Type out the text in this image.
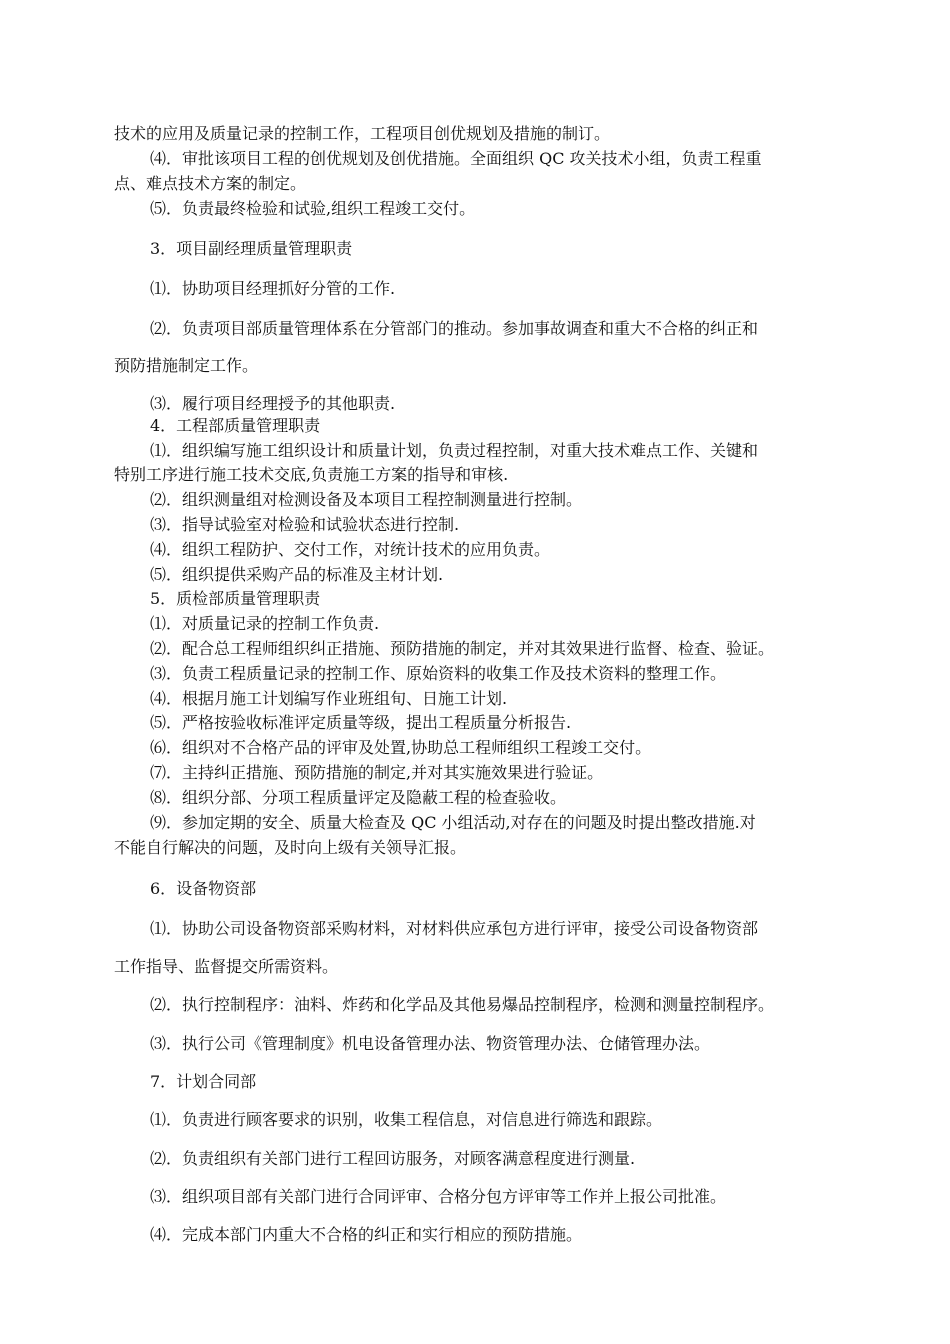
技术的应用及质量记录的控制工作，工程项目创优规划及措施的制订。
⑷．审批该项目工程的创优规划及创优措施。全面组织 QC 攻关技术小组，负责工程重
点、难点技术方案的制定。
⑸．负责最终检验和试验,组织工程竣工交付。
3．项目副经理质量管理职责
⑴．协助项目经理抓好分管的工作.
⑵．负责项目部质量管理体系在分管部门的推动。参加事故调查和重大不合格的纠正和
预防措施制定工作。
⑶．履行项目经理授予的其他职责.
4．工程部质量管理职责
⑴．组织编写施工组织设计和质量计划，负责过程控制，对重大技术难点工作、关键和
特别工序进行施工技术交底,负责施工方案的指导和审核.
⑵．组织测量组对检测设备及本项目工程控制测量进行控制。
⑶．指导试验室对检验和试验状态进行控制.
⑷．组织工程防护、交付工作，对统计技术的应用负责。
⑸．组织提供采购产品的标准及主材计划.
5．质检部质量管理职责
⑴．对质量记录的控制工作负责.
⑵．配合总工程师组织纠正措施、预防措施的制定，并对其效果进行监督、检查、验证。
⑶．负责工程质量记录的控制工作、原始资料的收集工作及技术资料的整理工作。
⑷．根据月施工计划编写作业班组旬、日施工计划.
⑸．严格按验收标准评定质量等级，提出工程质量分析报告.
⑹．组织对不合格产品的评审及处置,协助总工程师组织工程竣工交付。
⑺．主持纠正措施、预防措施的制定,并对其实施效果进行验证。
⑻．组织分部、分项工程质量评定及隐蔽工程的检查验收。
⑼．参加定期的安全、质量大检查及 QC 小组活动,对存在的问题及时提出整改措施.对
不能自行解决的问题，及时向上级有关领导汇报。
6．设备物资部
⑴．协助公司设备物资部采购材料，对材料供应承包方进行评审，接受公司设备物资部
工作指导、监督提交所需资料。
⑵．执行控制程序：油料、炸药和化学品及其他易爆品控制程序，检测和测量控制程序。
⑶．执行公司《管理制度》机电设备管理办法、物资管理办法、仓储管理办法。
7．计划合同部
⑴．负责进行顾客要求的识别，收集工程信息，对信息进行筛选和跟踪。
⑵．负责组织有关部门进行工程回访服务，对顾客满意程度进行测量.
⑶．组织项目部有关部门进行合同评审、合格分包方评审等工作并上报公司批准。
⑷．完成本部门内重大不合格的纠正和实行相应的预防措施。
